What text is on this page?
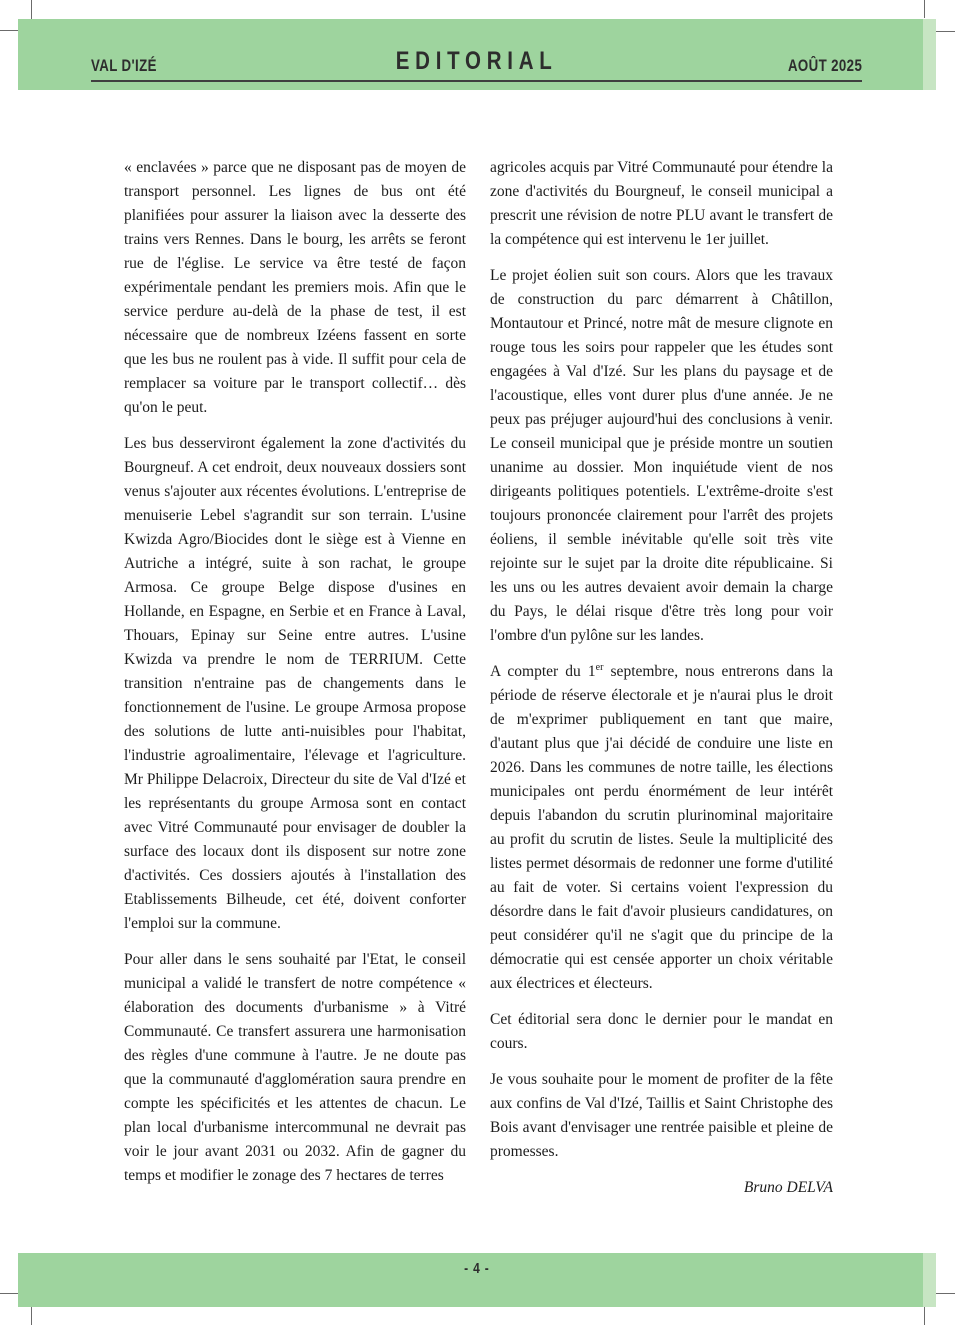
VAL D'IZÉ	EDITORIAL	AOÛT 2025

« enclavées » parce que ne disposant pas de moyen de transport personnel. Les lignes de bus ont été planifiées pour assurer la liaison avec la desserte des trains vers Rennes. Dans le bourg, les arrêts se feront rue de l'église. Le service va être testé de façon expérimentale pendant les premiers mois. Afin que le service perdure au-delà de la phase de test, il est nécessaire que de nombreux Izéens fassent en sorte que les bus ne roulent pas à vide. Il suffit pour cela de remplacer sa voiture par le transport collectif… dès qu'on le peut.

Les bus desserviront également la zone d'activités du Bourgneuf. A cet endroit, deux nouveaux dossiers sont venus s'ajouter aux récentes évolutions. L'entreprise de menuiserie Lebel s'agrandit sur son terrain. L'usine Kwizda Agro/Biocides dont le siège est à Vienne en Autriche a intégré, suite à son rachat, le groupe Armosa. Ce groupe Belge dispose d'usines en Hollande, en Espagne, en Serbie et en France à Laval, Thouars, Epinay sur Seine entre autres. L'usine Kwizda va prendre le nom de TERRIUM. Cette transition n'entraine pas de changements dans le fonctionnement de l'usine. Le groupe Armosa propose des solutions de lutte anti-nuisibles pour l'habitat, l'industrie agroalimentaire, l'élevage et l'agriculture. Mr Philippe Delacroix, Directeur du site de Val d'Izé et les représentants du groupe Armosa sont en contact avec Vitré Communauté pour envisager de doubler la surface des locaux dont ils disposent sur notre zone d'activités. Ces dossiers ajoutés à l'installation des Etablissements Bilheude, cet été, doivent conforter l'emploi sur la commune.

Pour aller dans le sens souhaité par l'Etat, le conseil municipal a validé le transfert de notre compétence « élaboration des documents d'urbanisme » à Vitré Communauté. Ce transfert assurera une harmonisation des règles d'une commune à l'autre. Je ne doute pas que la communauté d'agglomération saura prendre en compte les spécificités et les attentes de chacun. Le plan local d'urbanisme intercommunal ne devrait pas voir le jour avant 2031 ou 2032. Afin de gagner du temps et modifier le zonage des 7 hectares de terres

agricoles acquis par Vitré Communauté pour étendre la zone d'activités du Bourgneuf, le conseil municipal a prescrit une révision de notre PLU avant le transfert de la compétence qui est intervenu le 1er juillet.

Le projet éolien suit son cours. Alors que les travaux de construction du parc démarrent à Châtillon, Montautour et Princé, notre mât de mesure clignote en rouge tous les soirs pour rappeler que les études sont engagées à Val d'Izé. Sur les plans du paysage et de l'acoustique, elles vont durer plus d'une année. Je ne peux pas préjuger aujourd'hui des conclusions à venir. Le conseil municipal que je préside montre un soutien unanime au dossier. Mon inquiétude vient de nos dirigeants politiques potentiels. L'extrême-droite s'est toujours prononcée clairement pour l'arrêt des projets éoliens, il semble inévitable qu'elle soit très vite rejointe sur le sujet par la droite dite républicaine. Si les uns ou les autres devaient avoir demain la charge du Pays, le délai risque d'être très long pour voir l'ombre d'un pylône sur les landes.

A compter du 1er septembre, nous entrerons dans la période de réserve électorale et je n'aurai plus le droit de m'exprimer publiquement en tant que maire, d'autant plus que j'ai décidé de conduire une liste en 2026. Dans les communes de notre taille, les élections municipales ont perdu énormément de leur intérêt depuis l'abandon du scrutin plurinominal majoritaire au profit du scrutin de listes. Seule la multiplicité des listes permet désormais de redonner une forme d'utilité au fait de voter. Si certains voient l'expression du désordre dans le fait d'avoir plusieurs candidatures, on peut considérer qu'il ne s'agit que du principe de la démocratie qui est censée apporter un choix véritable aux électrices et électeurs.

Cet éditorial sera donc le dernier pour le mandat en cours.

Je vous souhaite pour le moment de profiter de la fête aux confins de Val d'Izé, Taillis et Saint Christophe des Bois avant d'envisager une rentrée paisible et pleine de promesses.

Bruno DELVA
- 4 -
